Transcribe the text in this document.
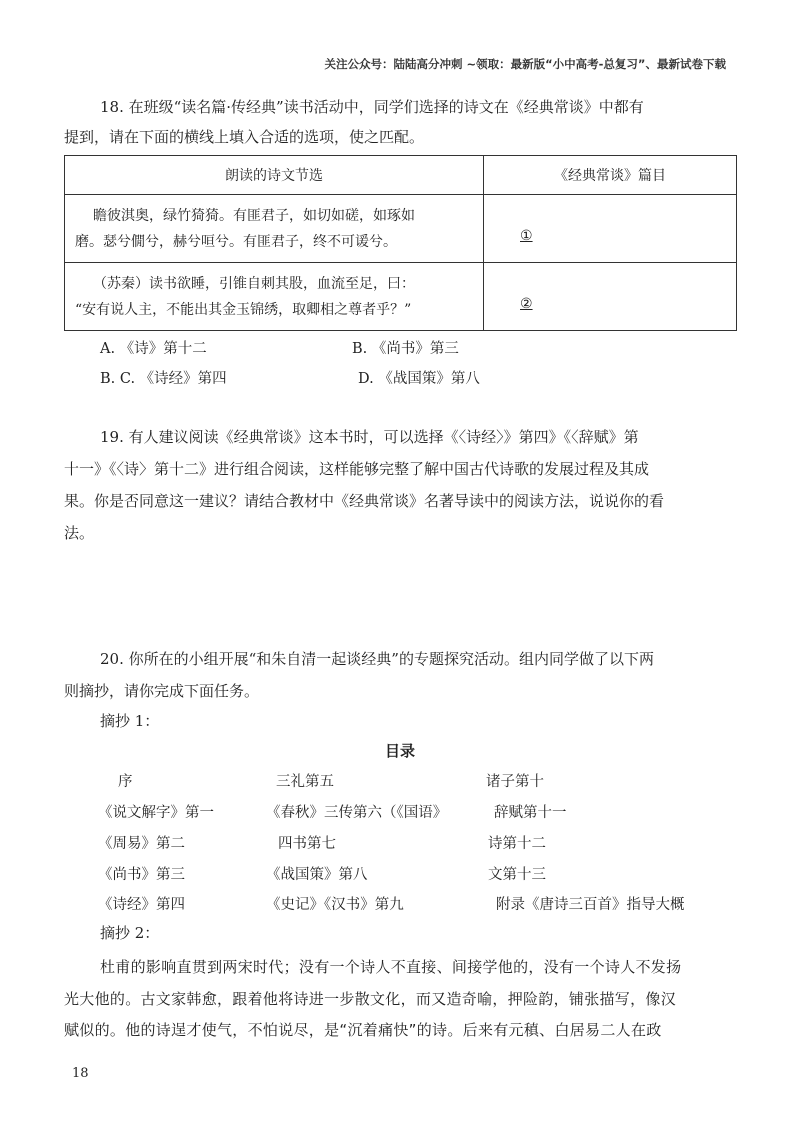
关注公众号：陆陆高分冲刺 ~领取：最新版“小中高考-总复习”、最新试卷下载
18. 在班级“读名篇·传经典”读书活动中，同学们选择的诗文在《经典常谈》中都有
提到，请在下面的横线上填入合适的选项，使之匹配。
朗读的诗文节选	《经典常谈》篇目

瞻彼淇奥，绿竹猗猗。有匪君子，如切如磋，如琢如
磨。瑟兮僩兮，赫兮咺兮。有匪君子，终不可谖兮。	①

（苏秦）读书欲睡，引锥自刺其股，血流至足，曰：
“安有说人主，不能出其金玉锦绣，取卿相之尊者乎？”	②
A. 《诗》第十二	B. 《尚书》第三
B. C. 《诗经》第四	D. 《战国策》第八
19. 有人建议阅读《经典常谈》这本书时，可以选择《〈诗经〉》第四》《〈辞赋》第
十一》《〈诗〉第十二》进行组合阅读，这样能够完整了解中国古代诗歌的发展过程及其成
果。你是否同意这一建议？请结合教材中《经典常谈》名著导读中的阅读方法，说说你的看
法。
20. 你所在的小组开展“和朱自清一起谈经典”的专题探究活动。组内同学做了以下两
则摘抄，请你完成下面任务。
摘抄 1：
目录
序	三礼第五	诸子第十
《说文解字》第一	《春秋》三传第六（《国语》	辞赋第十一
《周易》第二	四书第七	诗第十二
《尚书》第三	《战国策》第八	文第十三
《诗经》第四	《史记》《汉书》第九	附录《唐诗三百首》指导大概
摘抄 2：
杜甫的影响直贯到两宋时代；没有一个诗人不直接、间接学他的，没有一个诗人不发扬
光大他的。古文家韩愈，跟着他将诗进一步散文化，而又造奇喻，押险韵，铺张描写，像汉
赋似的。他的诗逞才使气，不怕说尽，是“沉着痛快”的诗。后来有元稹、白居易二人在政
18
